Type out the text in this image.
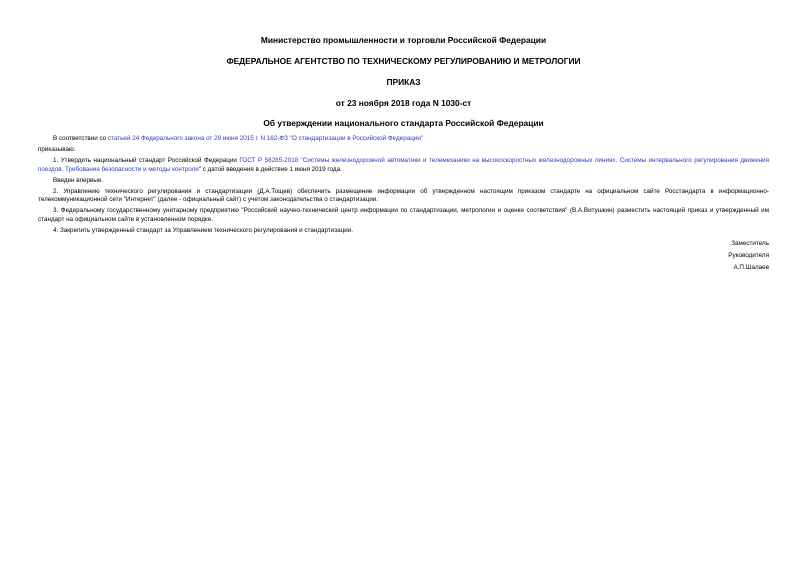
Министерство промышленности и торговли Российской Федерации

ФЕДЕРАЛЬНОЕ АГЕНТСТВО ПО ТЕХНИЧЕСКОМУ РЕГУЛИРОВАНИЮ И МЕТРОЛОГИИ

ПРИКАЗ

от 23 ноября 2018 года N 1030-ст

Об утверждении национального стандарта Российской Федерации

В соответствии со статьей 24 Федерального закона от 29 июня 2015 г. N 162-ФЗ "О стандартизации в Российской Федерации"

приказываю:

1. Утвердить национальный стандарт Российской Федерации ГОСТ Р 58285-2018 "Системы железнодорожной автоматики и телемеханики на высокоскоростных железнодорожных линиях. Системы интервального регулирования движения поездов. Требования безопасности и методы контроля" с датой введения в действие 1 июня 2019 года.

Введен впервые.

2. Управлению технического регулирования и стандартизации (Д.А.Тощев) обеспечить размещение информации об утвержденном настоящим приказом стандарте на официальном сайте Росстандарта в информационно-телекоммуникационной сети "Интернет" (далее - официальный сайт) с учетом законодательства о стандартизации.

3. Федеральному государственному унитарному предприятию "Российский научно-технический центр информации по стандартизации, метрологии и оценке соответствия" (В.А.Витушкин) разместить настоящий приказ и утвержденный им стандарт на официальном сайте в установленном порядке.

4. Закрепить утвержденный стандарт за Управлением технического регулирования и стандартизации.

Заместитель

Руководителя

А.П.Шалаев
